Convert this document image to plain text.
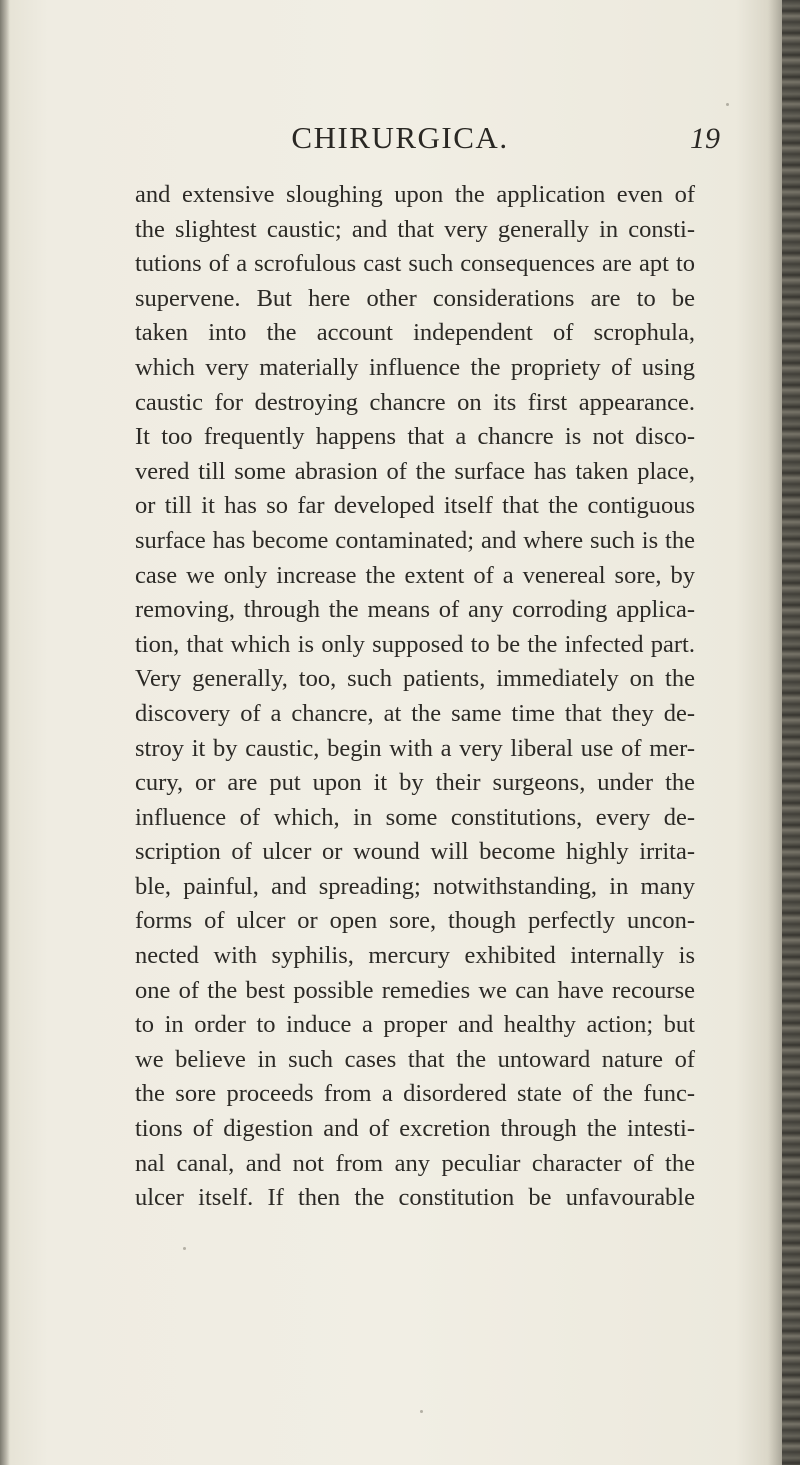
CHIRURGICA.	19
and extensive sloughing upon the application even of
the slightest caustic; and that very generally in consti-
tutions of a scrofulous cast such consequences are apt to
supervene. But here other considerations are to be
taken into the account independent of scrophula,
which very materially influence the propriety of using
caustic for destroying chancre on its first appearance.
It too frequently happens that a chancre is not disco-
vered till some abrasion of the surface has taken place,
or till it has so far developed itself that the contiguous
surface has become contaminated; and where such is the
case we only increase the extent of a venereal sore, by
removing, through the means of any corroding applica-
tion, that which is only supposed to be the infected part.
Very generally, too, such patients, immediately on the
discovery of a chancre, at the same time that they de-
stroy it by caustic, begin with a very liberal use of mer-
cury, or are put upon it by their surgeons, under the
influence of which, in some constitutions, every de-
scription of ulcer or wound will become highly irrita-
ble, painful, and spreading; notwithstanding, in many
forms of ulcer or open sore, though perfectly uncon-
nected with syphilis, mercury exhibited internally is
one of the best possible remedies we can have recourse
to in order to induce a proper and healthy action; but
we believe in such cases that the untoward nature of
the sore proceeds from a disordered state of the func-
tions of digestion and of excretion through the intesti-
nal canal, and not from any peculiar character of the
ulcer itself. If then the constitution be unfavourable
